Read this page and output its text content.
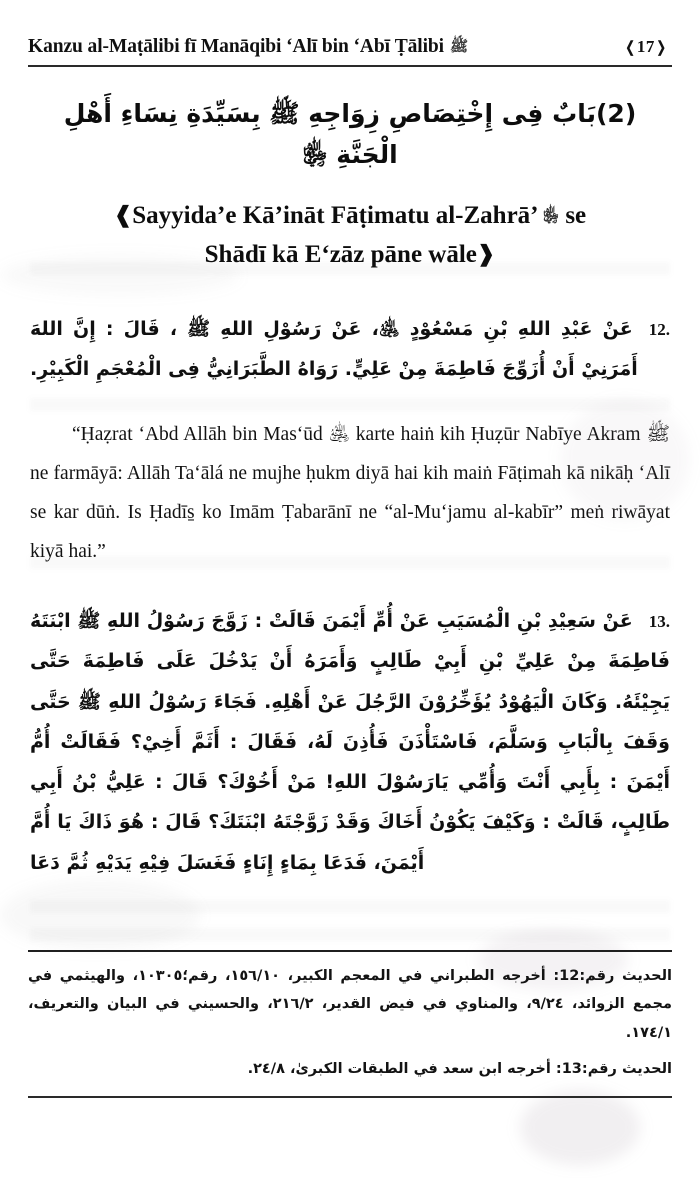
Kanzu al-Maṭālibi fī Manāqibi ‘Alī bin ‘Abī Ṭālibi ﷺ	❬17❭
(2)بَابٌ فِى إِخْتِصَاصِ زِوَاجِهِ ﷺ بِسَيِّدَةِ نِسَاءِ أَهْلِ الْجَنَّةِ ﵂
❰Sayyida’e Kā’ināt Fāṭimatu al-Zahrā’ ﵂ se
Shādī kā E‘zāz pāne wāle❱
12.عَنْ عَبْدِ اللهِ بْنِ مَسْعُوْدٍ ﵁، عَنْ رَسُوْلِ اللهِ ﷺ ، قَالَ : إِنَّ اللهَ أَمَرَنِيْ أَنْ أُزَوِّجَ فَاطِمَةَ مِنْ عَلِيٍّ. رَوَاهُ الطَّبَرَانِيُّ فِى الْمُعْجَمِ الْكَبِيْرِ.
“Ḥaẓrat ‘Abd Allāh bin Mas‘ūd ﵁ karte haiṅ kih Ḥuẓūr Nabīye Akram ﷺ ne farmāyā: Allāh Ta‘ālá ne mujhe ḥukm diyā hai kih maiṅ Fāṭimah kā nikāḥ ‘Alī se kar dūṅ. Is Ḥadīs̱ ko Imām Ṭabarānī ne “al-Mu‘jamu al-kabīr” meṅ riwāyat kiyā hai.”
13.عَنْ سَعِيْدِ بْنِ الْمُسَيَبِ عَنْ أُمِّ أَيْمَنَ قَالَتْ : زَوَّجَ رَسُوْلُ اللهِ ﷺ ابْنَتَهُ فَاطِمَةَ مِنْ عَلِيِّ بْنِ أَبِيْ طَالِبٍ وَأَمَرَهُ أَنْ يَدْخُلَ عَلَى فَاطِمَةَ حَتَّى يَجِيْئَهُ. وَكَانَ الْيَهُوْدُ يُؤَخِّرُوْنَ الرَّجُلَ عَنْ أَهْلِهِ. فَجَاءَ رَسُوْلُ اللهِ ﷺ حَتَّى وَقَفَ بِالْبَابِ وَسَلَّمَ، فَاسْتَأْذَنَ فَأُذِنَ لَهُ، فَقَالَ : أَثَمَّ أَخِيْ؟ فَقَالَتْ أُمُّ أَيْمَنَ : بِأَبِي أَنْتَ وَأُمِّي يَارَسُوْلَ اللهِ! مَنْ أَخُوْكَ؟ قَالَ : عَلِيُّ بْنُ أَبِي طَالِبٍ، قَالَتْ : وَكَيْفَ يَكُوْنُ أَخَاكَ وَقَدْ زَوَّجْتَهُ ابْنَتَكَ؟ قَالَ : هُوَ ذَاكَ يَا أُمَّ أَيْمَنَ، فَدَعَا بِمَاءٍ إِنَاءٍ فَغَسَلَ فِيْهِ يَدَيْهِ ثُمَّ دَعَا
الحديث رقم:12: أخرجه الطبراني في المعجم الكبير، ١٥٦/١٠، رقم؛١٠٣٠٥، والهيثمي في مجمع الزوائد، ٩/٢٤، والمناوي في فيض القدير، ٢١٦/٢، والحسيني في البيان والتعريف، ١٧٤/١.
الحديث رقم:13: أخرجه ابن سعد في الطبقات الكبرىٰ، ٢٤/٨.
